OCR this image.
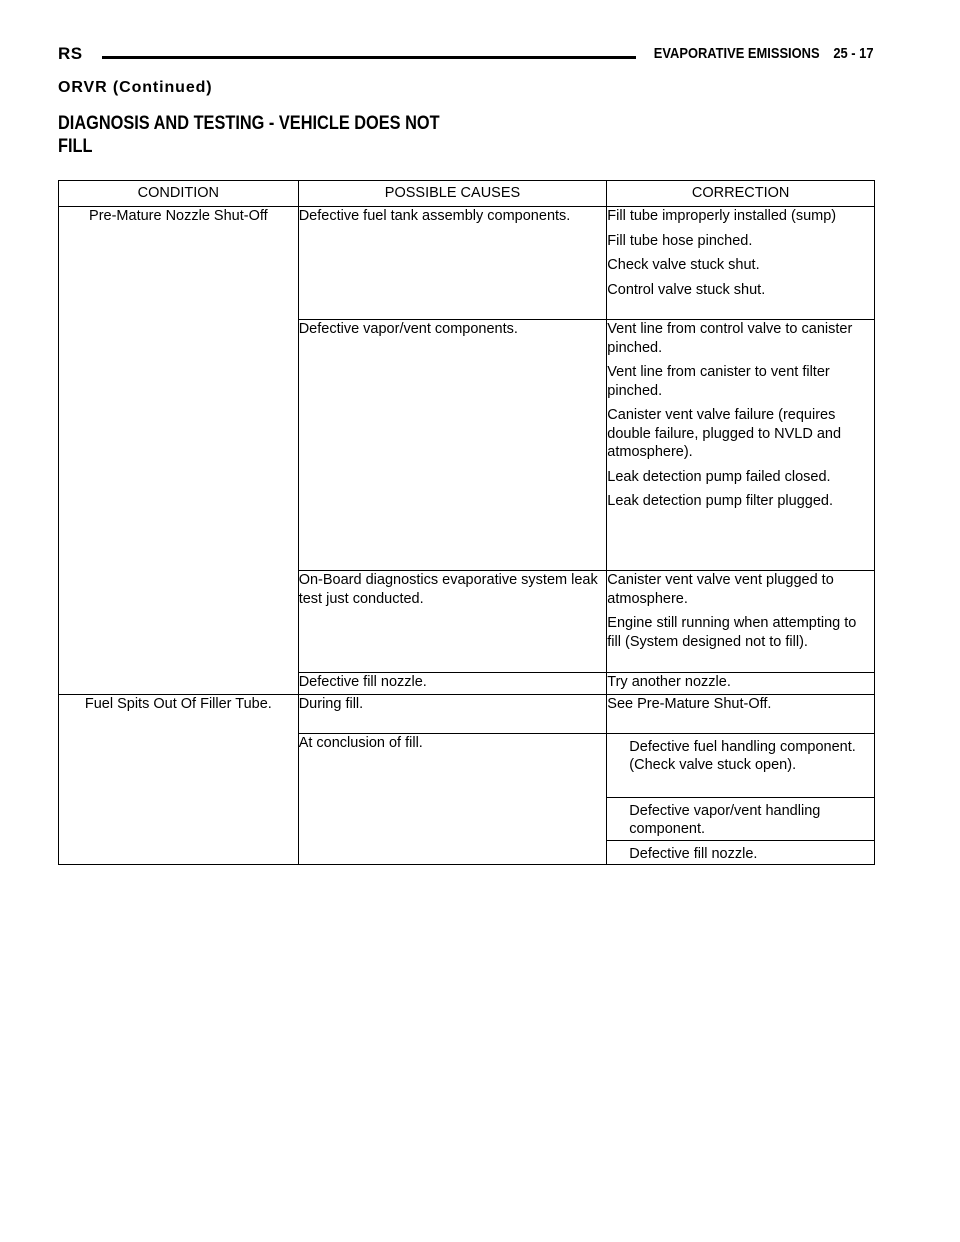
RS	EVAPORATIVE EMISSIONS 25 - 17
ORVR (Continued)
DIAGNOSIS AND TESTING - VEHICLE DOES NOT FILL
CONDITION	POSSIBLE CAUSES	CORRECTION
Pre-Mature Nozzle Shut-Off	Defective fuel tank assembly components.	Fill tube improperly installed (sump)
Fill tube hose pinched.
Check valve stuck shut.
Control valve stuck shut.

	Defective vapor/vent components.	Vent line from control valve to canister pinched.
Vent line from canister to vent filter pinched.
Canister vent valve failure (requires double failure, plugged to NVLD and atmosphere).
Leak detection pump failed closed.
Leak detection pump filter plugged.

	On-Board diagnostics evaporative system leak test just conducted.	Canister vent valve vent plugged to atmosphere.
Engine still running when attempting to fill (System designed not to fill).

	Defective fill nozzle.	Try another nozzle.

Fuel Spits Out Of Filler Tube.	During fill.	See Pre-Mature Shut-Off.

	At conclusion of fill.	Defective fuel handling component. (Check valve stuck open).
Defective vapor/vent handling component.
Defective fill nozzle.
